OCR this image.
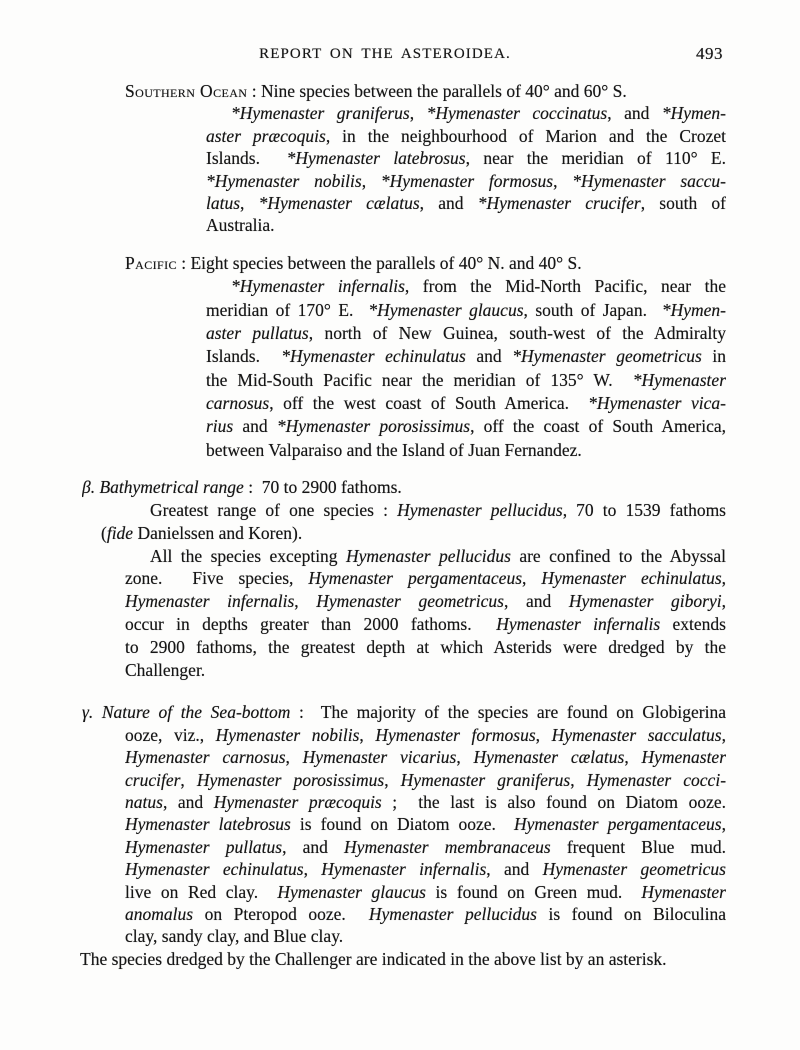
REPORT ON THE ASTEROIDEA.	493
Southern Ocean : Nine species between the parallels of 40° and 60° S.
*Hymenaster graniferus, *Hymenaster coccinatus, and *Hymen-
aster præcoquis, in the neighbourhood of Marion and the Crozet
Islands.  *Hymenaster latebrosus, near the meridian of 110° E.
*Hymenaster nobilis, *Hymenaster formosus, *Hymenaster saccu-
latus, *Hymenaster cælatus, and *Hymenaster crucifer, south of
Australia.
Pacific : Eight species between the parallels of 40° N. and 40° S.
*Hymenaster infernalis, from the Mid-North Pacific, near the
meridian of 170° E.  *Hymenaster glaucus, south of Japan.  *Hymen-
aster pullatus, north of New Guinea, south-west of the Admiralty
Islands.  *Hymenaster echinulatus and *Hymenaster geometricus in
the Mid-South Pacific near the meridian of 135° W.  *Hymenaster
carnosus, off the west coast of South America.  *Hymenaster vica-
rius and *Hymenaster porosissimus, off the coast of South America,
between Valparaiso and the Island of Juan Fernandez.
β. Bathymetrical range :  70 to 2900 fathoms.
Greatest range of one species : Hymenaster pellucidus, 70 to 1539 fathoms
(fide Danielssen and Koren).
All the species excepting Hymenaster pellucidus are confined to the Abyssal
zone.  Five species, Hymenaster pergamentaceus, Hymenaster echinulatus,
Hymenaster infernalis, Hymenaster geometricus, and Hymenaster giboryi,
occur in depths greater than 2000 fathoms.  Hymenaster infernalis extends
to 2900 fathoms, the greatest depth at which Asterids were dredged by the
Challenger.
γ. Nature of the Sea-bottom :  The majority of the species are found on Globigerina
ooze, viz., Hymenaster nobilis, Hymenaster formosus, Hymenaster sacculatus,
Hymenaster carnosus, Hymenaster vicarius, Hymenaster cælatus, Hymenaster
crucifer, Hymenaster porosissimus, Hymenaster graniferus, Hymenaster cocci-
natus, and Hymenaster præcoquis ;  the last is also found on Diatom ooze.
Hymenaster latebrosus is found on Diatom ooze.  Hymenaster pergamentaceus,
Hymenaster pullatus, and Hymenaster membranaceus frequent Blue mud.
Hymenaster echinulatus, Hymenaster infernalis, and Hymenaster geometricus
live on Red clay.  Hymenaster glaucus is found on Green mud.  Hymenaster
anomalus on Pteropod ooze.  Hymenaster pellucidus is found on Biloculina
clay, sandy clay, and Blue clay.
The species dredged by the Challenger are indicated in the above list by an asterisk.
